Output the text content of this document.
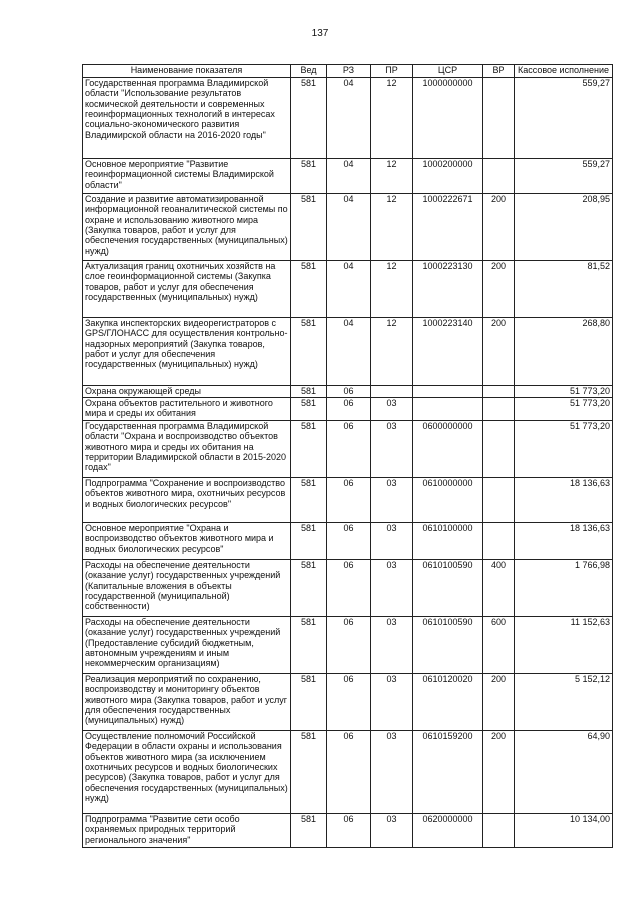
137
Наименование показателя	Вед	РЗ	ПР	ЦСР	ВР	Кассовое исполнение
Государственная программа Владимирской области "Использование результатов космической деятельности и современных геоинформационных технологий в интересах социально-экономического развития Владимирской области на 2016-2020 годы"	581	04	12	1000000000		559,27
Основное мероприятие "Развитие геоинформационной системы Владимирской области"	581	04	12	1000200000		559,27
Создание и развитие автоматизированной информационной геоаналитической системы по охране и использованию животного мира (Закупка товаров, работ и услуг для обеспечения государственных (муниципальных) нужд)	581	04	12	1000222671	200	208,95
Актуализация границ охотничьих хозяйств на слое геоинформационной системы (Закупка товаров, работ и услуг для обеспечения государственных (муниципальных) нужд)	581	04	12	1000223130	200	81,52
Закупка инспекторских видеорегистраторов с GPS/ГЛОНАСС для осуществления контрольно-надзорных мероприятий (Закупка товаров, работ и услуг для обеспечения государственных (муниципальных) нужд)	581	04	12	1000223140	200	268,80
Охрана окружающей среды	581	06				51 773,20
Охрана объектов растительного и животного мира и среды их обитания	581	06	03			51 773,20
Государственная программа Владимирской области "Охрана и воспроизводство объектов животного мира и среды их обитания на территории Владимирской области в 2015-2020 годах"	581	06	03	0600000000		51 773,20
Подпрограмма "Сохранение и воспроизводство объектов животного мира, охотничьих ресурсов и водных биологических ресурсов"	581	06	03	0610000000		18 136,63
Основное мероприятие "Охрана и воспроизводство объектов животного мира и водных биологических ресурсов"	581	06	03	0610100000		18 136,63
Расходы на обеспечение деятельности (оказание услуг) государственных учреждений (Капитальные вложения в объекты государственной (муниципальной) собственности)	581	06	03	0610100590	400	1 766,98
Расходы на обеспечение деятельности (оказание услуг) государственных учреждений (Предоставление субсидий бюджетным, автономным учреждениям и иным некоммерческим организациям)	581	06	03	0610100590	600	11 152,63
Реализация мероприятий по сохранению, воспроизводству и мониторингу объектов животного мира (Закупка товаров, работ и услуг для обеспечения государственных (муниципальных) нужд)	581	06	03	0610120020	200	5 152,12
Осуществление полномочий Российской Федерации в области охраны и использования объектов животного мира (за исключением охотничьих ресурсов и водных биологических ресурсов) (Закупка товаров, работ и услуг для обеспечения государственных (муниципальных) нужд)	581	06	03	0610159200	200	64,90
Подпрограмма "Развитие сети особо охраняемых природных территорий регионального значения"	581	06	03	0620000000		10 134,00
